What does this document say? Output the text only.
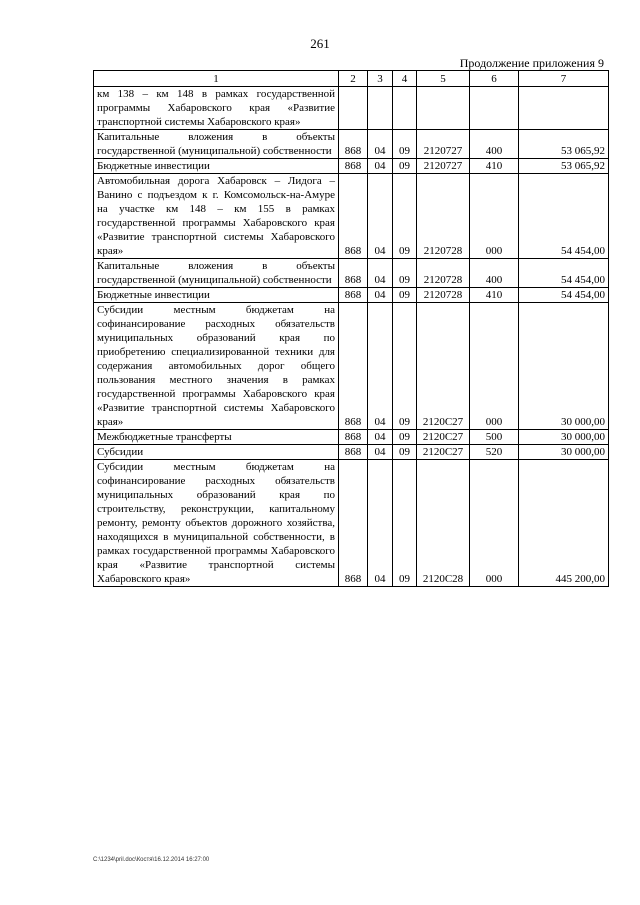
261
Продолжение приложения 9
1	2	3	4	5	6	7
км 138 – км 148 в рамках государственной программы Хабаровского края «Развитие транспортной системы Хабаровского края»						
Капитальные вложения в объекты государственной (муниципальной) собственности	868	04	09	2120727	400	53 065,92
Бюджетные инвестиции	868	04	09	2120727	410	53 065,92
Автомобильная дорога Хабаровск – Лидога – Ванино с подъездом к г. Комсомольск-на-Амуре на участке км 148 – км 155 в рамках государственной программы Хабаровского края «Развитие транспортной системы Хабаровского края»	868	04	09	2120728	000	54 454,00
Капитальные вложения в объекты государственной (муниципальной) собственности	868	04	09	2120728	400	54 454,00
Бюджетные инвестиции	868	04	09	2120728	410	54 454,00
Субсидии местным бюджетам на софинансирование расходных обязательств муниципальных образований края по приобретению специализированной техники для содержания автомобильных дорог общего пользования местного значения в рамках государственной программы Хабаровского края «Развитие транспортной системы Хабаровского края»	868	04	09	2120С27	000	30 000,00
Межбюджетные трансферты	868	04	09	2120С27	500	30 000,00
Субсидии	868	04	09	2120С27	520	30 000,00
Субсидии местным бюджетам на софинансирование расходных обязательств муниципальных образований края по строительству, реконструкции, капитальному ремонту, ремонту объектов дорожного хозяйства, находящихся в муниципальной собственности, в рамках государственной программы Хабаровского края «Развитие транспортной системы Хабаровского края»	868	04	09	2120С28	000	445 200,00
C:\1234\pril.doc\Костя\16.12.2014 16:27:00
